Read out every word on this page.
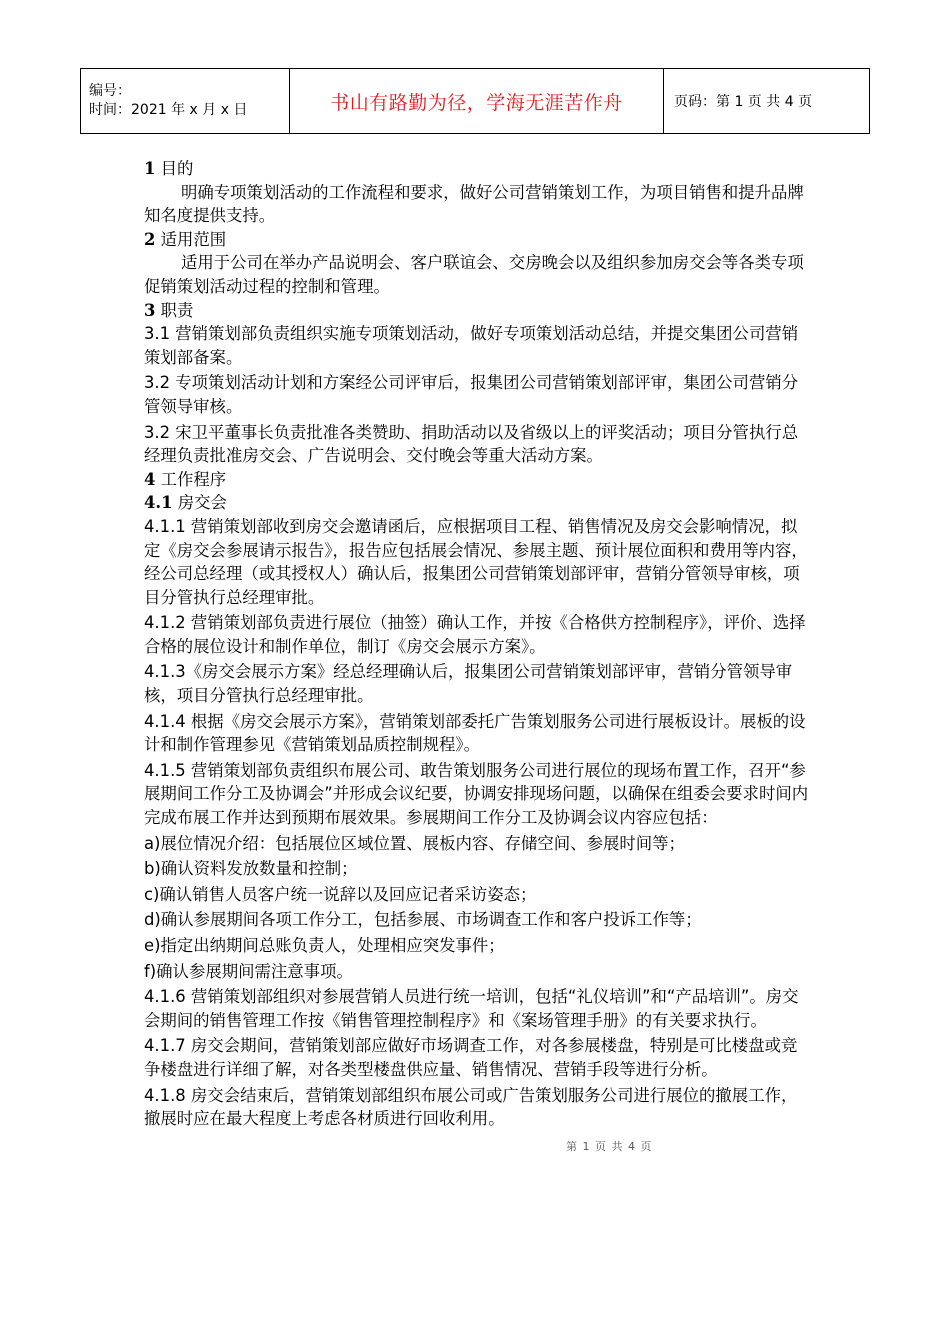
编号：
时间：2021 年 x 月 x 日	书山有路勤为径，学海无涯苦作舟	页码：第 1 页 共 4 页

1 目的

明确专项策划活动的工作流程和要求，做好公司营销策划工作，为项目销售和提升品牌知名度提供支持。

2 适用范围

适用于公司在举办产品说明会、客户联谊会、交房晚会以及组织参加房交会等各类专项促销策划活动过程的控制和管理。

3 职责

3.1 营销策划部负责组织实施专项策划活动，做好专项策划活动总结，并提交集团公司营销策划部备案。

3.2 专项策划活动计划和方案经公司评审后，报集团公司营销策划部评审，集团公司营销分管领导审核。

3.2 宋卫平董事长负责批准各类赞助、捐助活动以及省级以上的评奖活动；项目分管执行总经理负责批准房交会、广告说明会、交付晚会等重大活动方案。

4 工作程序

4.1 房交会

4.1.1 营销策划部收到房交会邀请函后，应根据项目工程、销售情况及房交会影响情况，拟定《房交会参展请示报告》，报告应包括展会情况、参展主题、预计展位面积和费用等内容，经公司总经理（或其授权人）确认后，报集团公司营销策划部评审，营销分管领导审核，项目分管执行总经理审批。

4.1.2 营销策划部负责进行展位（抽签）确认工作，并按《合格供方控制程序》，评价、选择合格的展位设计和制作单位，制订《房交会展示方案》。

4.1.3《房交会展示方案》经总经理确认后，报集团公司营销策划部评审，营销分管领导审核，项目分管执行总经理审批。

4.1.4 根据《房交会展示方案》，营销策划部委托广告策划服务公司进行展板设计。展板的设计和制作管理参见《营销策划品质控制规程》。

4.1.5 营销策划部负责组织布展公司、敢告策划服务公司进行展位的现场布置工作，召开“参展期间工作分工及协调会”并形成会议纪要，协调安排现场问题，以确保在组委会要求时间内完成布展工作并达到预期布展效果。参展期间工作分工及协调会议内容应包括：

a)展位情况介绍：包括展位区域位置、展板内容、存储空间、参展时间等；

b)确认资料发放数量和控制；

c)确认销售人员客户统一说辞以及回应记者采访姿态；

d)确认参展期间各项工作分工，包括参展、市场调查工作和客户投诉工作等；

e)指定出纳期间总账负责人，处理相应突发事件；

f)确认参展期间需注意事项。

4.1.6 营销策划部组织对参展营销人员进行统一培训，包括“礼仪培训”和“产品培训”。房交会期间的销售管理工作按《销售管理控制程序》和《案场管理手册》的有关要求执行。

4.1.7 房交会期间，营销策划部应做好市场调查工作，对各参展楼盘，特别是可比楼盘或竞争楼盘进行详细了解，对各类型楼盘供应量、销售情况、营销手段等进行分析。

4.1.8 房交会结束后，营销策划部组织布展公司或广告策划服务公司进行展位的撤展工作，撤展时应在最大程度上考虑各材质进行回收利用。

第 1 页 共 4 页
